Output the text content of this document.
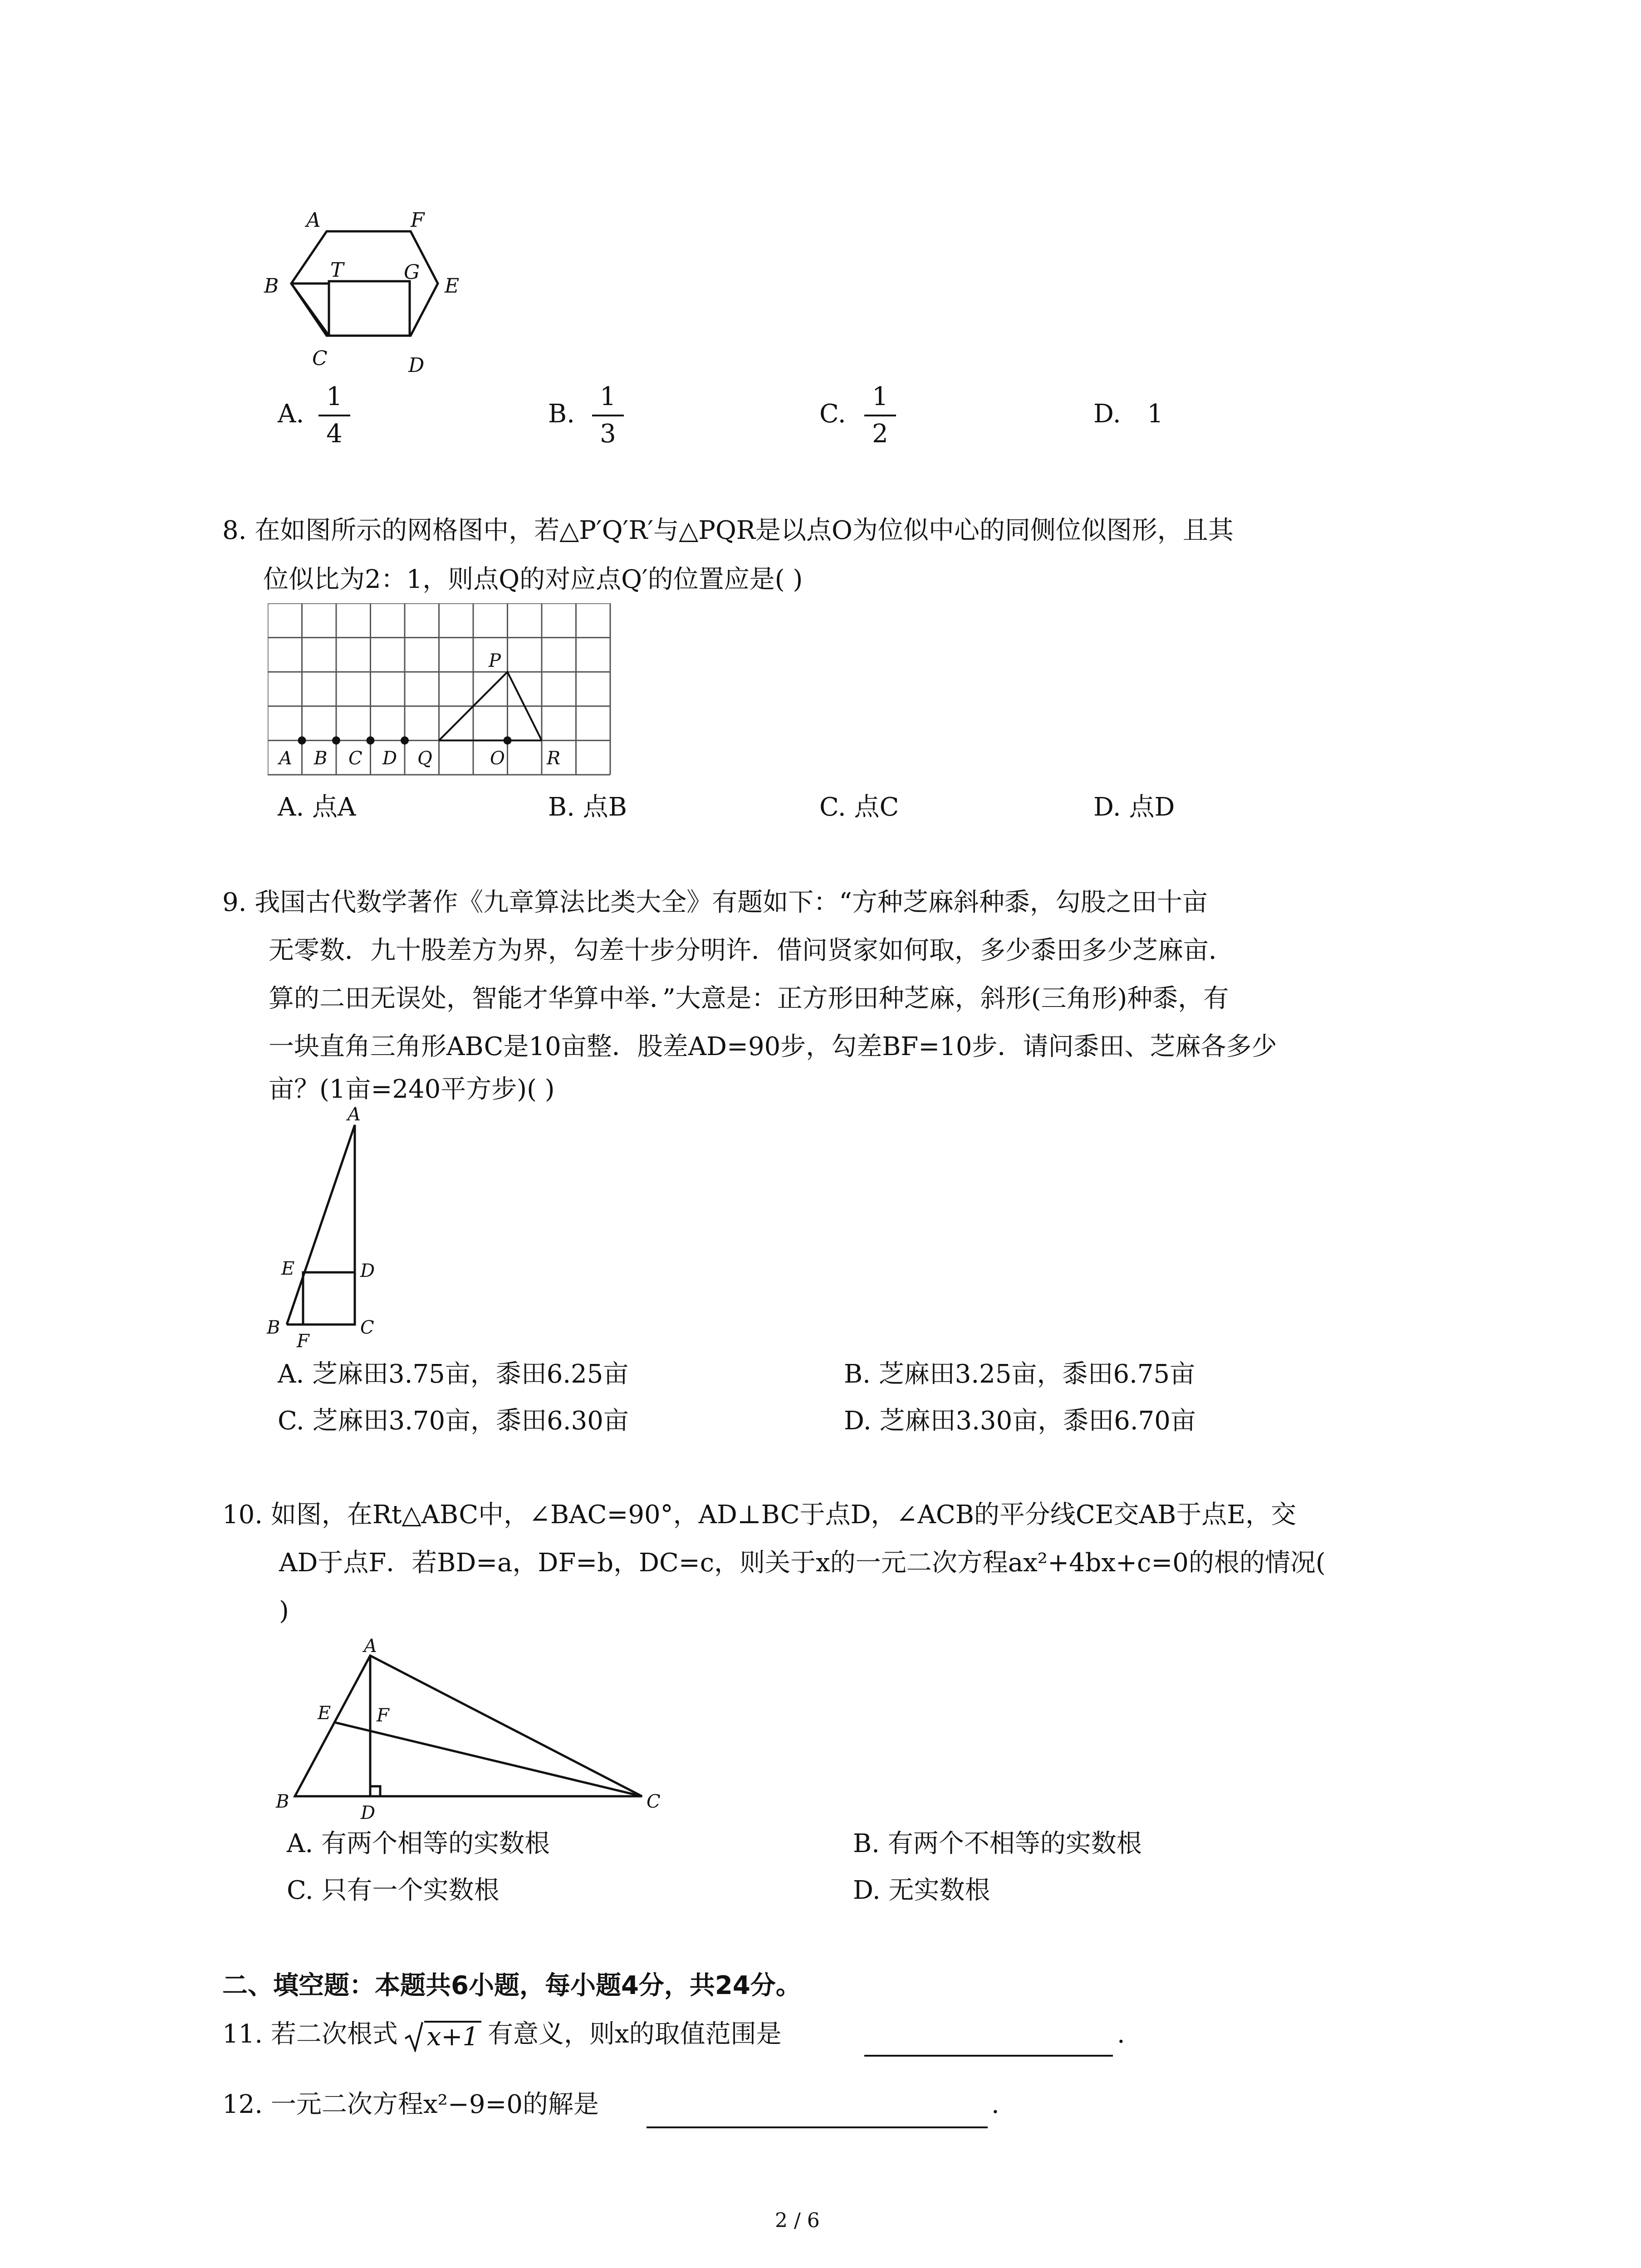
A	F
B
T	G
E
C	D
A.
1
4
B.
1
3
C.
1
2
D. 1
8. 在如图所示的网格图中，若△P′Q′R′与△PQR是以点O为位似中心的同侧位似图形，且其
位似比为2：1，则点Q的对应点Q′的位置应是( )
A B C D Q	O R
P
A. 点A	B. 点B	C. 点C	D. 点D
9. 我国古代数学著作《九章算法比类大全》有题如下：“方种芝麻斜种黍，勾股之田十亩
无零数．九十股差方为界，勾差十步分明许．借问贤家如何取，多少黍田多少芝麻亩．
算的二田无误处，智能才华算中举．”大意是：正方形田种芝麻，斜形(三角形)种黍，有
一块直角三角形ABC是10亩整．股差AD=90步，勾差BF=10步．请问黍田、芝麻各多少
亩？(1亩=240平方步)( )
A
E	D
B
F
C
A. 芝麻田3.75亩，黍田6.25亩	B. 芝麻田3.25亩，黍田6.75亩
C. 芝麻田3.70亩，黍田6.30亩	D. 芝麻田3.30亩，黍田6.70亩
10. 如图，在Rt△ABC中，∠BAC=90°，AD⊥BC于点D，∠ACB的平分线CE交AB于点E，交
AD于点F．若BD=a，DF=b，DC=c，则关于x的一元二次方程ax²+4bx+c=0的根的情况(
)
A
E	F
B
D
C
A. 有两个相等的实数根	B. 有两个不相等的实数根
C. 只有一个实数根	D. 无实数根
二、填空题：本题共6小题，每小题4分，共24分。
11. 若二次根式 x+1 有意义，则x的取值范围是	.
12. 一元二次方程x²−9=0的解是	.
2 / 6
